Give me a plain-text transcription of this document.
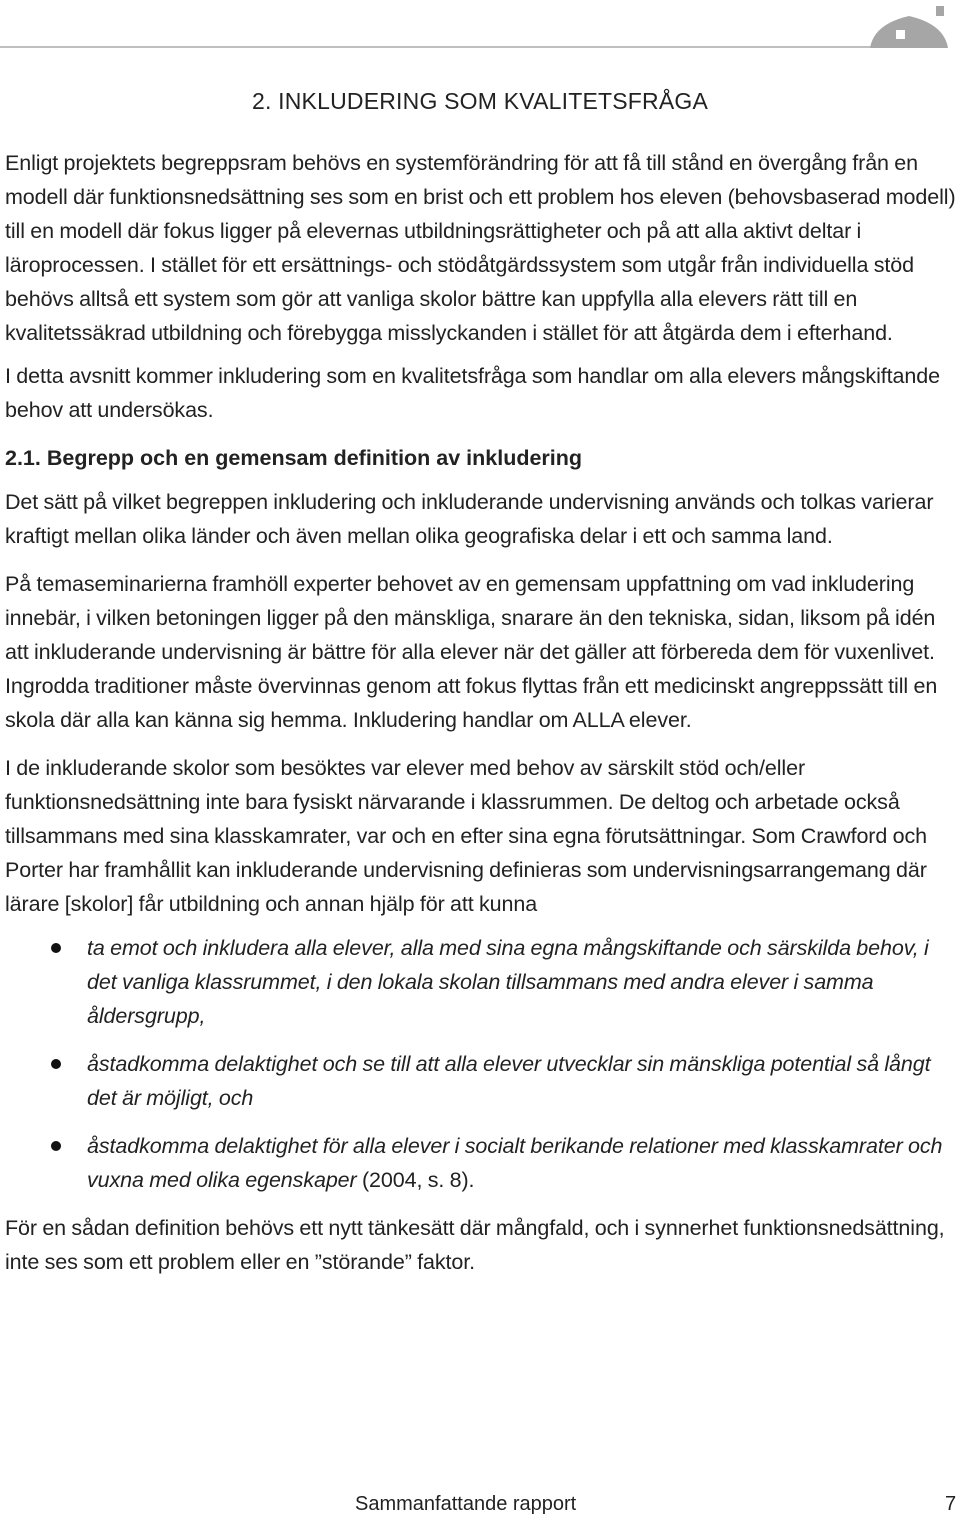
2. INKLUDERING SOM KVALITETSFRÅGA

Enligt projektets begreppsram behövs en systemförändring för att få till stånd en övergång från en modell där funktionsnedsättning ses som en brist och ett problem hos eleven (behovsbaserad modell) till en modell där fokus ligger på elevernas utbildningsrättigheter och på att alla aktivt deltar i läroprocessen. I stället för ett ersättnings- och stödåtgärdssystem som utgår från individuella stöd behövs alltså ett system som gör att vanliga skolor bättre kan uppfylla alla elevers rätt till en kvalitetssäkrad utbildning och förebygga misslyckanden i stället för att åtgärda dem i efterhand.

I detta avsnitt kommer inkludering som en kvalitetsfråga som handlar om alla elevers mångskiftande behov att undersökas.

2.1. Begrepp och en gemensam definition av inkludering

Det sätt på vilket begreppen inkludering och inkluderande undervisning används och tolkas varierar kraftigt mellan olika länder och även mellan olika geografiska delar i ett och samma land.

På temaseminarierna framhöll experter behovet av en gemensam uppfattning om vad inkludering innebär, i vilken betoningen ligger på den mänskliga, snarare än den tekniska, sidan, liksom på idén att inkluderande undervisning är bättre för alla elever när det gäller att förbereda dem för vuxenlivet. Ingrodda traditioner måste övervinnas genom att fokus flyttas från ett medicinskt angreppssätt till en skola där alla kan känna sig hemma. Inkludering handlar om ALLA elever.

I de inkluderande skolor som besöktes var elever med behov av särskilt stöd och/eller funktionsnedsättning inte bara fysiskt närvarande i klassrummen. De deltog och arbetade också tillsammans med sina klasskamrater, var och en efter sina egna förutsättningar. Som Crawford och Porter har framhållit kan inkluderande undervisning definieras som undervisningsarrangemang där lärare [skolor] får utbildning och annan hjälp för att kunna

ta emot och inkludera alla elever, alla med sina egna mångskiftande och särskilda behov, i det vanliga klassrummet, i den lokala skolan tillsammans med andra elever i samma åldersgrupp,

åstadkomma delaktighet och se till att alla elever utvecklar sin mänskliga potential så långt det är möjligt, och

åstadkomma delaktighet för alla elever i socialt berikande relationer med klasskamrater och vuxna med olika egenskaper (2004, s. 8).

För en sådan definition behövs ett nytt tänkesätt där mångfald, och i synnerhet funktionsnedsättning, inte ses som ett problem eller en ”störande” faktor.

Sammanfattande rapport	7
